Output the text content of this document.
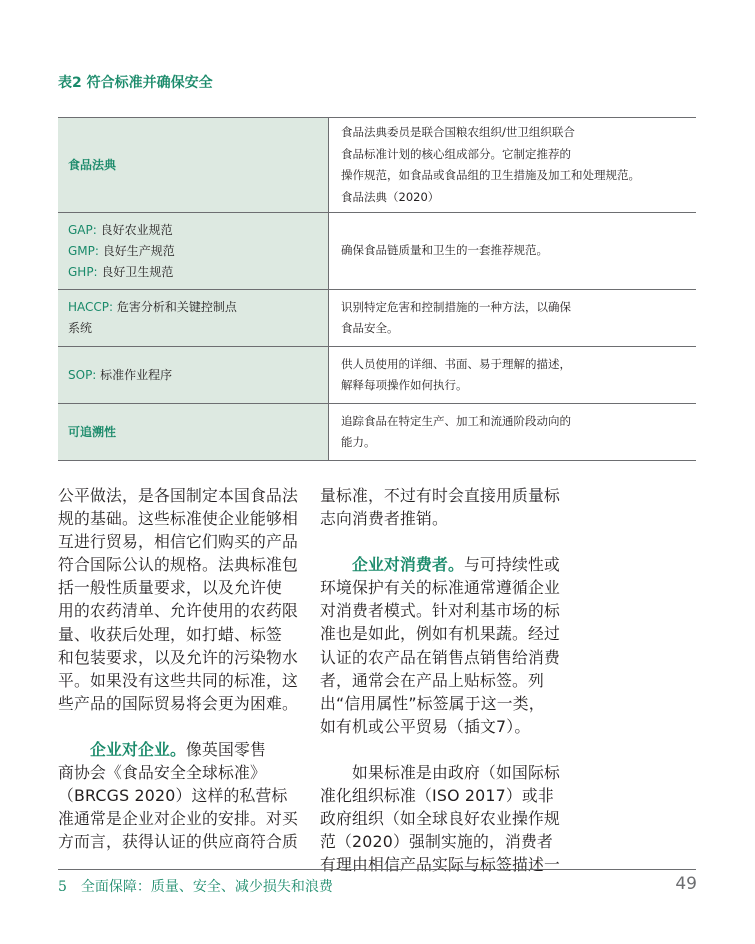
表2 符合标准并确保安全
食品法典
食品法典委员是联合国粮农组织/世卫组织联合
食品标准计划的核心组成部分。它制定推荐的
操作规范，如食品或食品组的卫生措施及加工和处理规范。
食品法典（2020）
GAP: 良好农业规范
GMP: 良好生产规范
GHP: 良好卫生规范
确保食品链质量和卫生的一套推荐规范。
HACCP: 危害分析和关键控制点
系统
识别特定危害和控制措施的一种方法，以确保
食品安全。
SOP: 标准作业程序
供人员使用的详细、书面、易于理解的描述，
解释每项操作如何执行。
可追溯性
追踪食品在特定生产、加工和流通阶段动向的
能力。
公平做法，是各国制定本国食品法
规的基础。这些标准使企业能够相
互进行贸易，相信它们购买的产品
符合国际公认的规格。法典标准包
括一般性质量要求，以及允许使
用的农药清单、允许使用的农药限
量、收获后处理，如打蜡、标签
和包装要求，以及允许的污染物水
平。如果没有这些共同的标准，这
些产品的国际贸易将会更为困难。
企业对企业。像英国零售
商协会《食品安全全球标准》
（BRCGS 2020）这样的私营标
准通常是企业对企业的安排。对买
方而言，获得认证的供应商符合质
量标准，不过有时会直接用质量标
志向消费者推销。
企业对消费者。与可持续性或
环境保护有关的标准通常遵循企业
对消费者模式。针对利基市场的标
准也是如此，例如有机果蔬。经过
认证的农产品在销售点销售给消费
者，通常会在产品上贴标签。列
出“信用属性”标签属于这一类，
如有机或公平贸易（插文7）。
如果标准是由政府（如国际标
准化组织标准（ISO 2017）或非
政府组织（如全球良好农业操作规
范（2020）强制实施的，消费者
有理由相信产品实际与标签描述一
5 全面保障：质量、安全、减少损失和浪费	49
